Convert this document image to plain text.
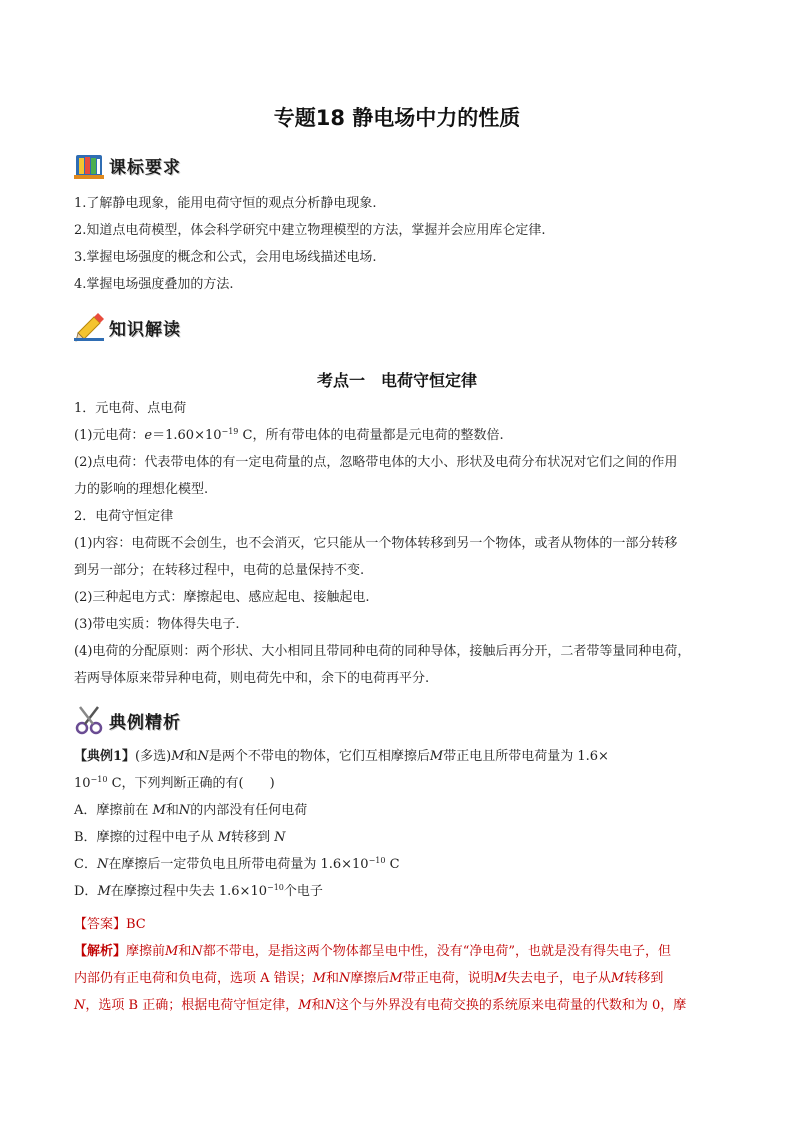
专题18 静电场中力的性质
课标要求
1.了解静电现象，能用电荷守恒的观点分析静电现象.
2.知道点电荷模型，体会科学研究中建立物理模型的方法，掌握并会应用库仑定律.
3.掌握电场强度的概念和公式，会用电场线描述电场.
4.掌握电场强度叠加的方法.
知识解读
考点一　电荷守恒定律
1．元电荷、点电荷
(1)元电荷：$e=1.60\times 10^{-19}$ C，所有带电体的电荷量都是元电荷的整数倍.
(2)点电荷：代表带电体的有一定电荷量的点，忽略带电体的大小、形状及电荷分布状况对它们之间的作用
力的影响的理想化模型.
2．电荷守恒定律
(1)内容：电荷既不会创生，也不会消灭，它只能从一个物体转移到另一个物体，或者从物体的一部分转移
到另一部分；在转移过程中，电荷的总量保持不变.
(2)三种起电方式：摩擦起电、感应起电、接触起电.
(3)带电实质：物体得失电子.
(4)电荷的分配原则：两个形状、大小相同且带同种电荷的同种导体，接触后再分开，二者带等量同种电荷，
若两导体原来带异种电荷，则电荷先中和，余下的电荷再平分.
典例精析
【典例1】(多选)M和N是两个不带电的物体，它们互相摩擦后M带正电且所带电荷量为 1.6×
$10^{-10}$ C，下列判断正确的有(　　)
A．摩擦前在 M和N的内部没有任何电荷
B．摩擦的过程中电子从 M转移到 N
C．N在摩擦后一定带负电且所带电荷量为 $1.6\times 10^{-10}$ C
D．M在摩擦过程中失去 $1.6\times 10^{-10}$个电子
【答案】BC
【解析】摩擦前M和N都不带电，是指这两个物体都呈电中性，没有“净电荷”，也就是没有得失电子，但
内部仍有正电荷和负电荷，选项 A 错误；M和N摩擦后M带正电荷，说明M失去电子，电子从M转移到
N，选项 B 正确；根据电荷守恒定律，M和N这个与外界没有电荷交换的系统原来电荷量的代数和为 0，摩
